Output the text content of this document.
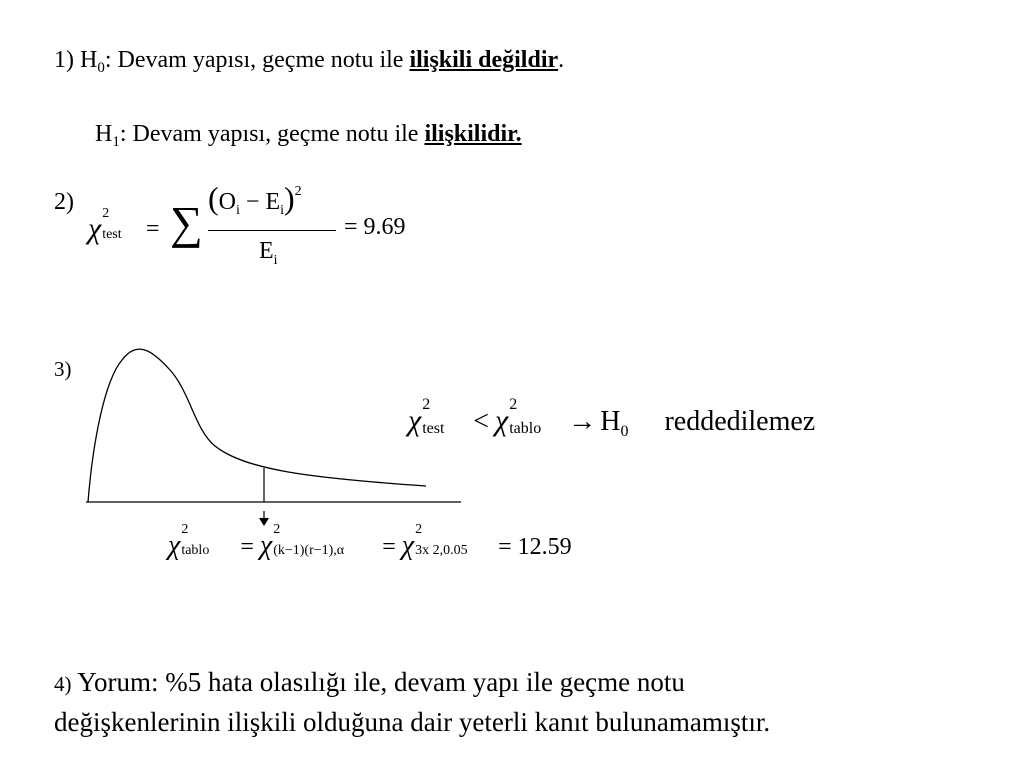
1) $H_0$: Devam yapısı, geçme notu ile ilişkili değildir.
$H_1$: Devam yapısı, geçme notu ile ilişkilidir.
2)
χ 2
test = ∑ $(O_i - E_i)^2$
$E_i$
= 9.69
3)
χ 2
test < χ 2
tablo → $H_0$ reddedilemez
χ
2
tablo = χ
2
(k−1)(r−1),α = χ
2
3x 2,0.05 = 12.59
4) Yorum: %5 hata olasılığı ile, devam yapı ile geçme notu
değişkenlerinin ilişkili olduğuna dair yeterli kanıt bulunamamıştır.
